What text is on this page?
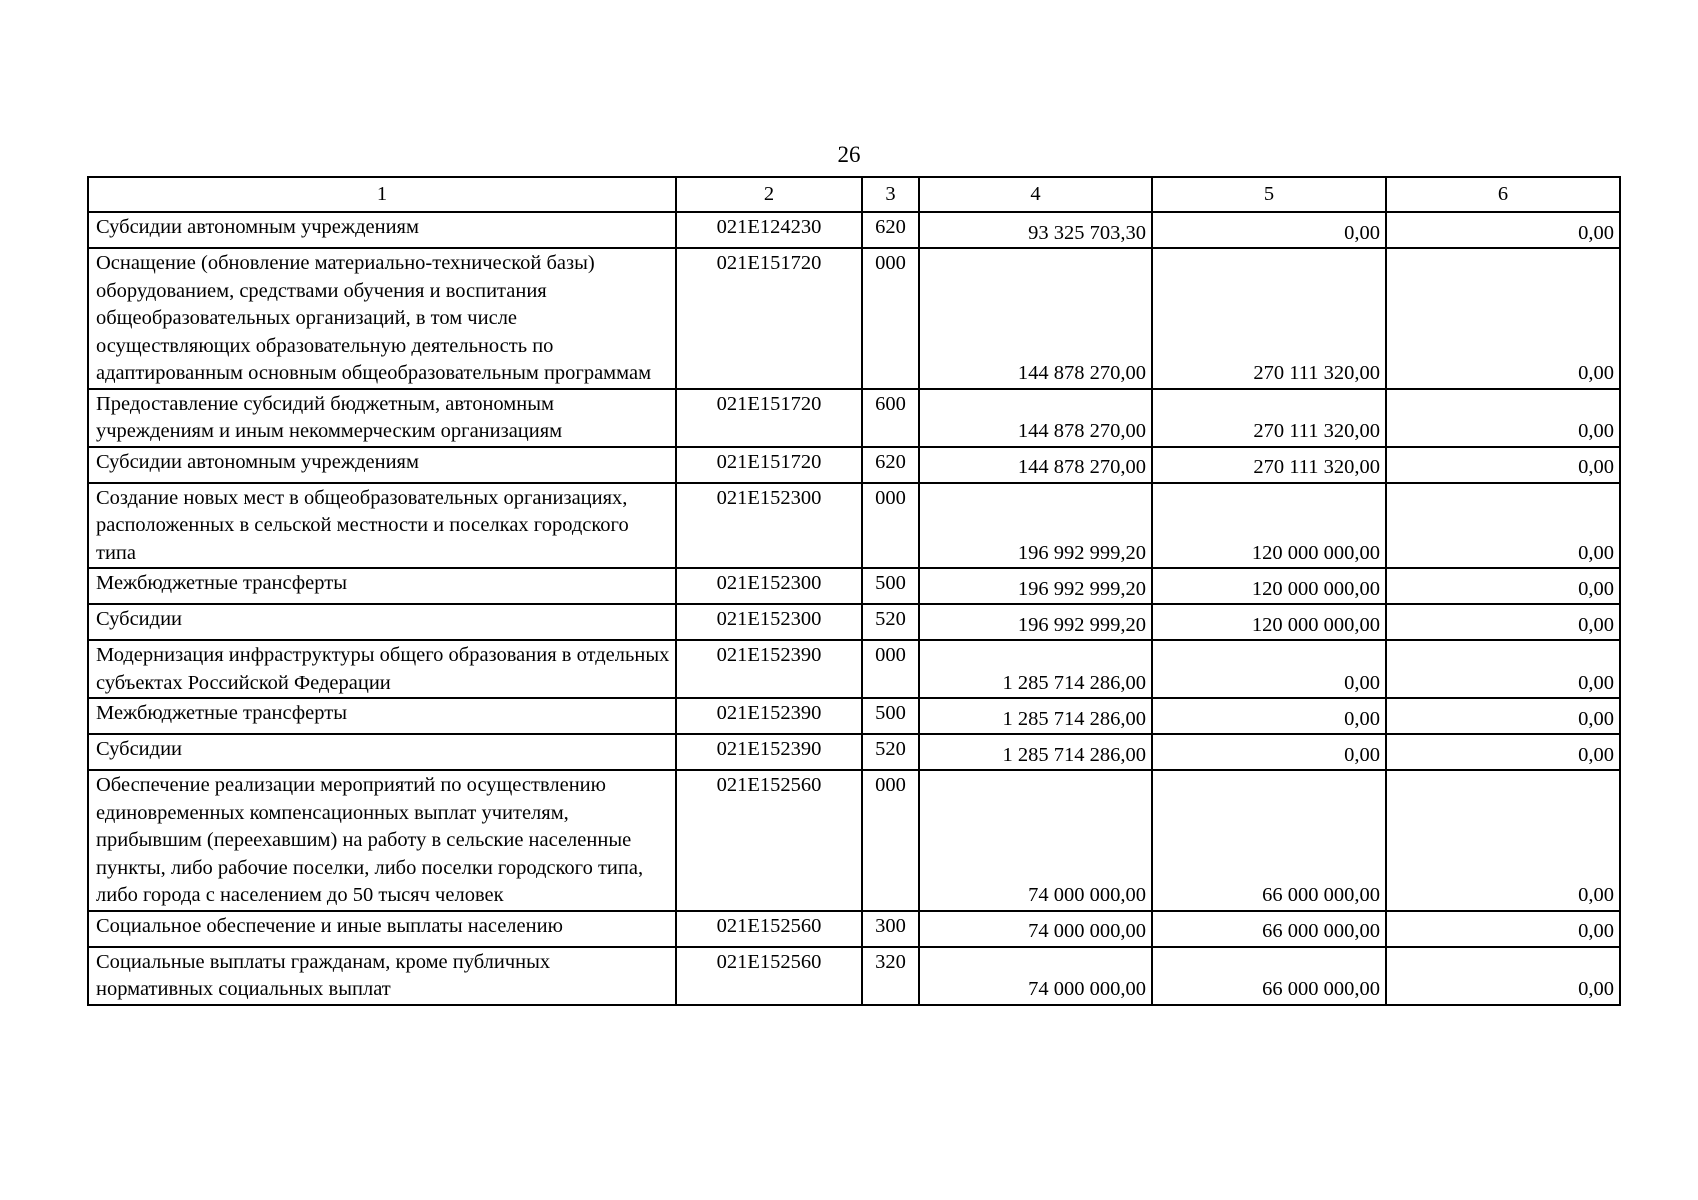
26
1	2	3	4	5	6
Субсидии автономным учреждениям	021E124230	620	93 325 703,30	0,00	0,00
Оснащение (обновление материально-технической базы) оборудованием, средствами обучения и воспитания общеобразовательных организаций, в том числе осуществляющих образовательную деятельность по адаптированным основным общеобразовательным программам	021E151720	000	144 878 270,00	270 111 320,00	0,00
Предоставление субсидий бюджетным, автономным учреждениям и иным некоммерческим организациям	021E151720	600	144 878 270,00	270 111 320,00	0,00
Субсидии автономным учреждениям	021E151720	620	144 878 270,00	270 111 320,00	0,00
Создание новых мест в общеобразовательных организациях, расположенных в сельской местности и поселках городского типа	021E152300	000	196 992 999,20	120 000 000,00	0,00
Межбюджетные трансферты	021E152300	500	196 992 999,20	120 000 000,00	0,00
Субсидии	021E152300	520	196 992 999,20	120 000 000,00	0,00
Модернизация инфраструктуры общего образования в отдельных субъектах Российской Федерации	021E152390	000	1 285 714 286,00	0,00	0,00
Межбюджетные трансферты	021E152390	500	1 285 714 286,00	0,00	0,00
Субсидии	021E152390	520	1 285 714 286,00	0,00	0,00
Обеспечение реализации мероприятий по осуществлению единовременных компенсационных выплат учителям, прибывшим (переехавшим) на работу в сельские населенные пункты, либо рабочие поселки, либо поселки городского типа, либо города с населением до 50 тысяч человек	021E152560	000	74 000 000,00	66 000 000,00	0,00
Социальное обеспечение и иные выплаты населению	021E152560	300	74 000 000,00	66 000 000,00	0,00
Социальные выплаты гражданам, кроме публичных нормативных социальных выплат	021E152560	320	74 000 000,00	66 000 000,00	0,00
